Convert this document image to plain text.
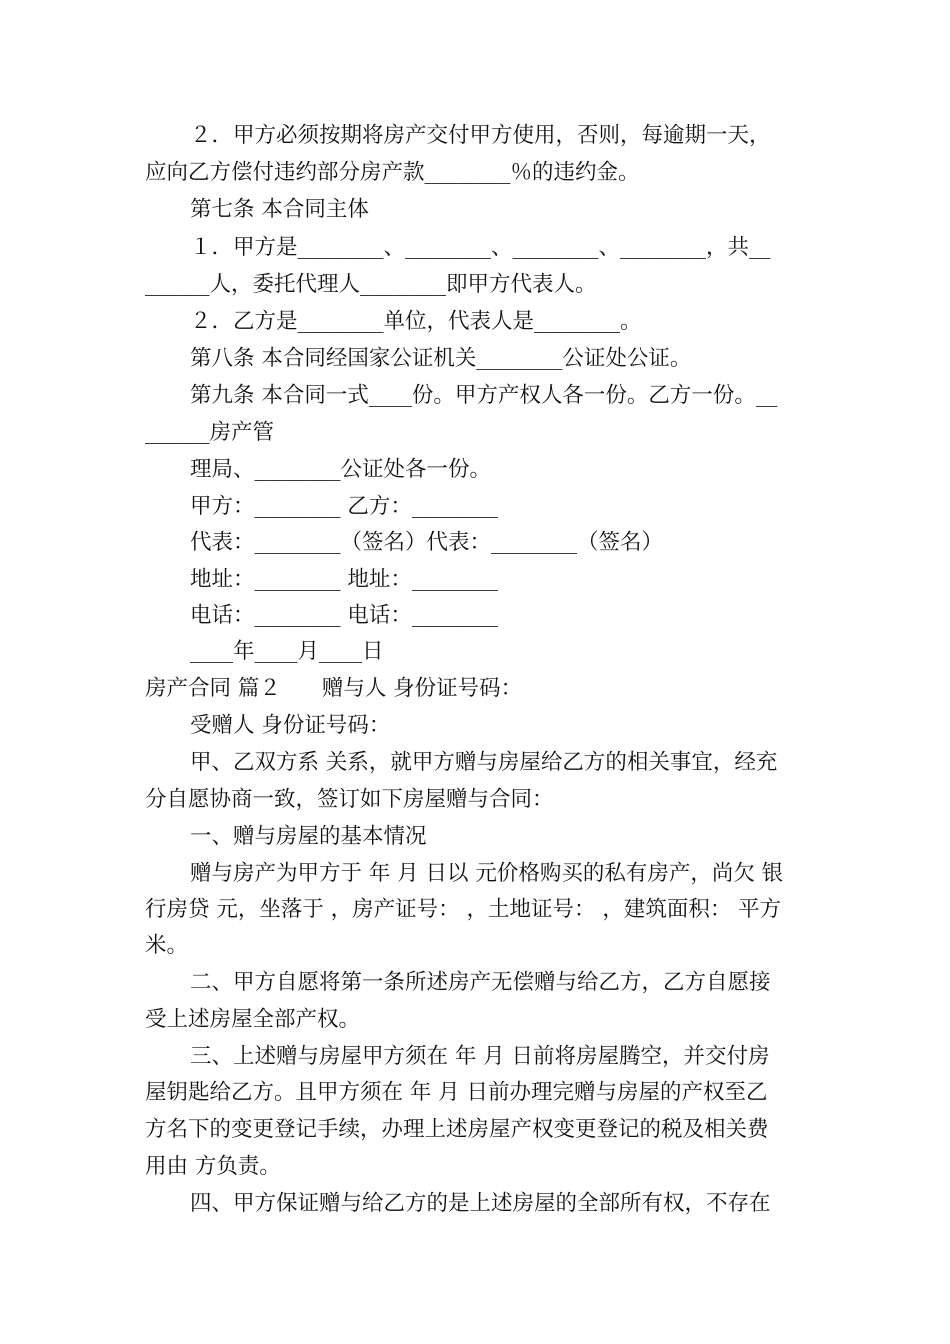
２．甲方必须按期将房产交付甲方使用，否则，每逾期一天，
应向乙方偿付违约部分房产款________％的违约金。
第七条 本合同主体
１．甲方是________、________、________、________，共__
______人，委托代理人________即甲方代表人。
２．乙方是________单位，代表人是________。
第八条 本合同经国家公证机关________公证处公证。
第九条 本合同一式____份。甲方产权人各一份。乙方一份。__
______房产管
理局、________公证处各一份。
甲方：________ 乙方：________
代表：________（签名）代表：________（签名）
地址：________ 地址：________
电话：________ 电话：________
____年____月____日
房产合同 篇２      赠与人 身份证号码：
受赠人 身份证号码：
甲、乙双方系 关系，就甲方赠与房屋给乙方的相关事宜，经充
分自愿协商一致，签订如下房屋赠与合同：
一、赠与房屋的基本情况
赠与房产为甲方于 年 月 日以 元价格购买的私有房产，尚欠 银
行房贷 元，坐落于 ，房产证号： ，土地证号： ，建筑面积： 平方
米。
二、甲方自愿将第一条所述房产无偿赠与给乙方，乙方自愿接
受上述房屋全部产权。
三、上述赠与房屋甲方须在 年 月 日前将房屋腾空，并交付房
屋钥匙给乙方。且甲方须在 年 月 日前办理完赠与房屋的产权至乙
方名下的变更登记手续，办理上述房屋产权变更登记的税及相关费
用由 方负责。
四、甲方保证赠与给乙方的是上述房屋的全部所有权，不存在
